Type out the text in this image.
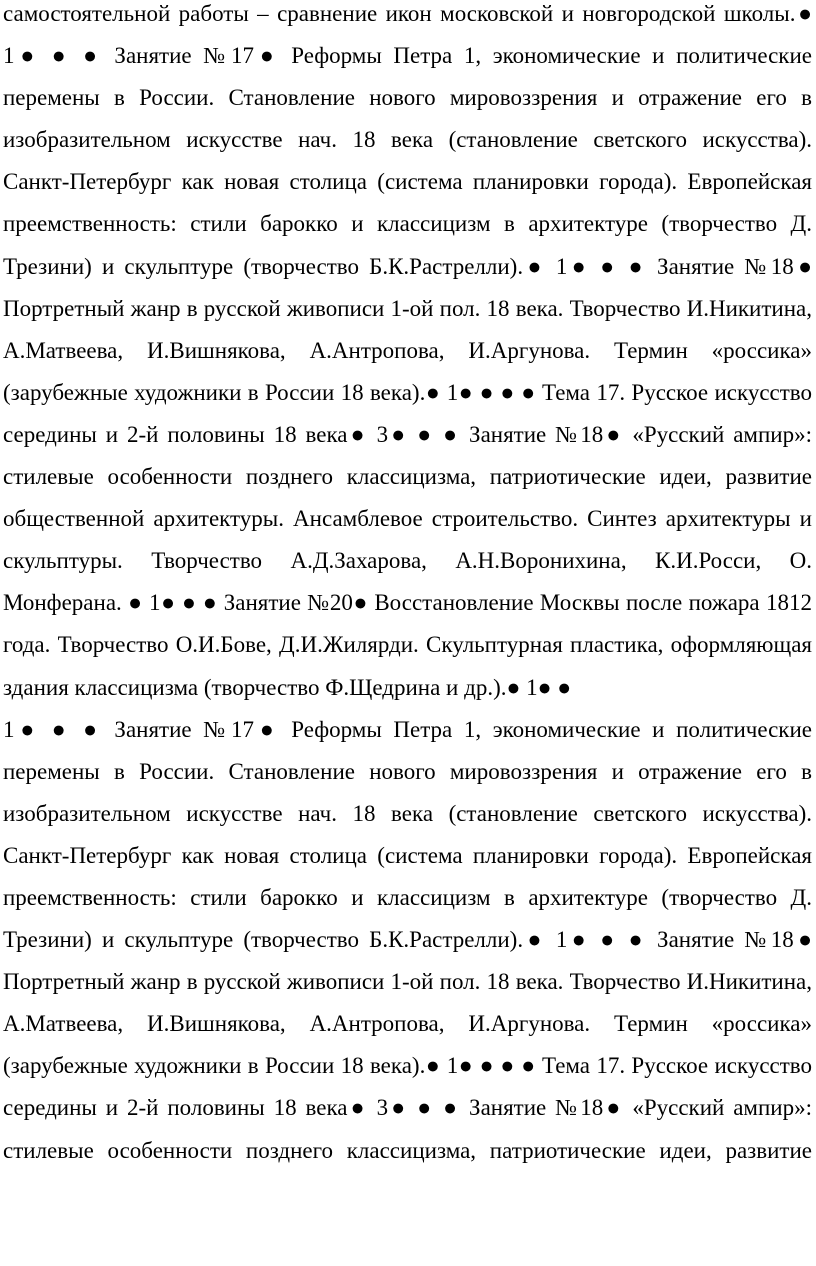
самостоятельной работы – сравнение икон московской и новгородской школы.● 1● ● ● Занятие №17● Реформы Петра 1, экономические и политические перемены в России. Становление нового мировоззрения и отражение его в изобразительном искусстве нач. 18 века (становление светского искусства). Санкт-Петербург как новая столица (система планировки города). Европейская преемственность: стили барокко и классицизм в архитектуре (творчество Д. Трезини) и скульптуре (творчество Б.К.Растрелли).● 1● ● ● Занятие №18● Портретный жанр в русской живописи 1-ой пол. 18 века. Творчество И.Никитина, А.Матвеева, И.Вишнякова, А.Антропова, И.Аргунова. Термин «россика» (зарубежные художники в России 18 века).● 1● ● ● ● Тема 17. Русское искусство середины и 2-й половины 18 века● 3● ● ● Занятие №18● «Русский ампир»: стилевые особенности позднего классицизма, патриотические идеи, развитие общественной архитектуры. Ансамблевое строительство. Синтез архитектуры и скульптуры. Творчество А.Д.Захарова, А.Н.Воронихина, К.И.Росси, О. Монферана. ● 1● ● ● Занятие №20● Восстановление Москвы после пожара 1812 года. Творчество О.И.Бове, Д.И.Жилярди. Скульптурная пластика, оформляющая здания классицизма (творчество Ф.Щедрина и др.).● 1● ●

1● ● ● Занятие №17● Реформы Петра 1, экономические и политические перемены в России. Становление нового мировоззрения и отражение его в изобразительном искусстве нач. 18 века (становление светского искусства). Санкт-Петербург как новая столица (система планировки города). Европейская преемственность: стили барокко и классицизм в архитектуре (творчество Д. Трезини) и скульптуре (творчество Б.К.Растрелли).● 1● ● ● Занятие №18● Портретный жанр в русской живописи 1-ой пол. 18 века. Творчество И.Никитина, А.Матвеева, И.Вишнякова, А.Антропова, И.Аргунова. Термин «россика» (зарубежные художники в России 18 века).● 1● ● ● ● Тема 17. Русское искусство середины и 2-й половины 18 века● 3● ● ● Занятие №18● «Русский ампир»: стилевые особенности позднего классицизма, патриотические идеи, развитие
